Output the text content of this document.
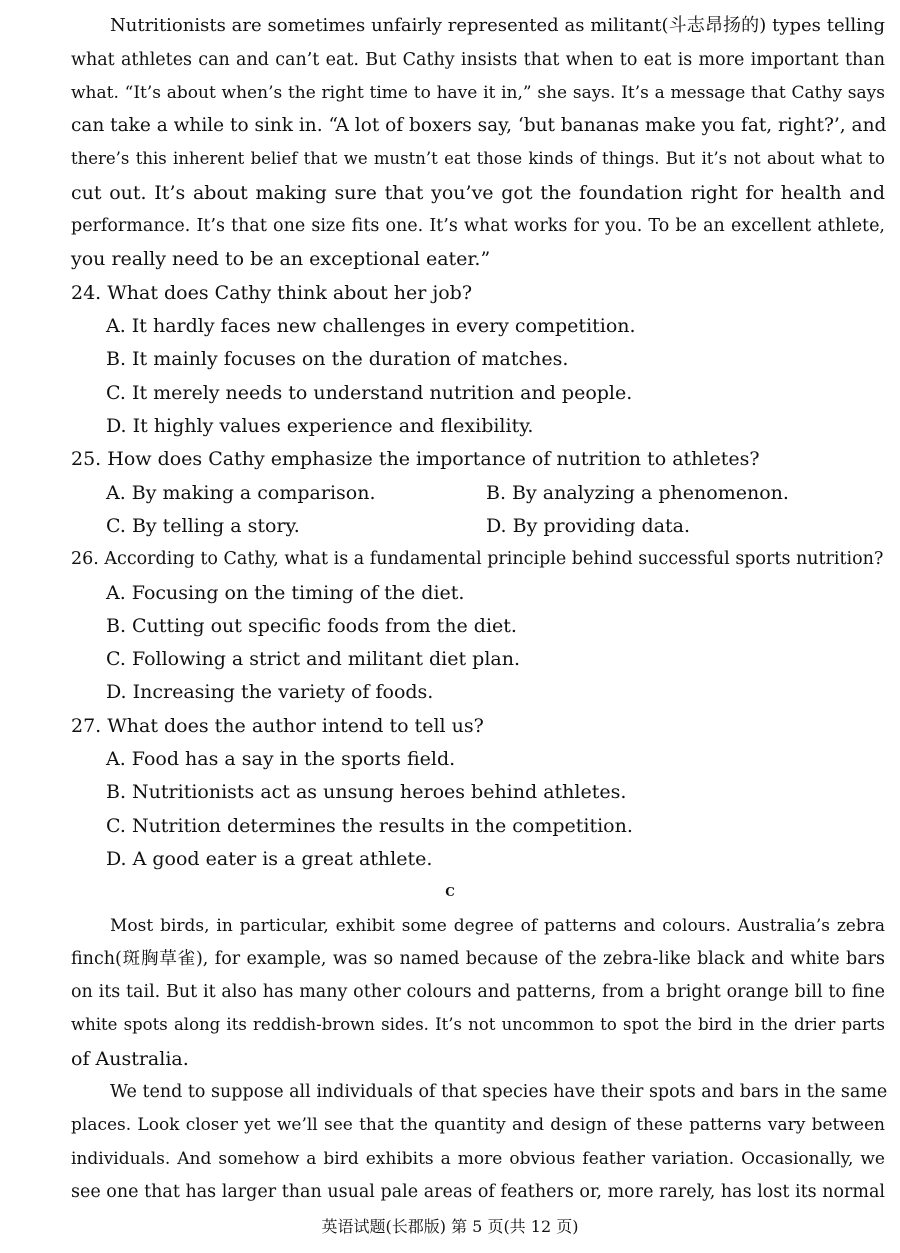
Nutritionists are sometimes unfairly represented as militant(斗志昂扬的) types telling
what athletes can and can’t eat. But Cathy insists that when to eat is more important than
what. “It’s about when’s the right time to have it in,” she says. It’s a message that Cathy says
can take a while to sink in. “A lot of boxers say, ‘but bananas make you fat, right?’, and
there’s this inherent belief that we mustn’t eat those kinds of things. But it’s not about what to
cut out. It’s about making sure that you’ve got the foundation right for health and
performance. It’s that one size fits one. It’s what works for you. To be an excellent athlete,
you really need to be an exceptional eater.”
24. What does Cathy think about her job?
A. It hardly faces new challenges in every competition.
B. It mainly focuses on the duration of matches.
C. It merely needs to understand nutrition and people.
D. It highly values experience and flexibility.
25. How does Cathy emphasize the importance of nutrition to athletes?
A. By making a comparison.	B. By analyzing a phenomenon.
C. By telling a story.	D. By providing data.
26. According to Cathy, what is a fundamental principle behind successful sports nutrition?
A. Focusing on the timing of the diet.
B. Cutting out specific foods from the diet.
C. Following a strict and militant diet plan.
D. Increasing the variety of foods.
27. What does the author intend to tell us?
A. Food has a say in the sports field.
B. Nutritionists act as unsung heroes behind athletes.
C. Nutrition determines the results in the competition.
D. A good eater is a great athlete.
C
Most birds, in particular, exhibit some degree of patterns and colours. Australia’s zebra
finch(斑胸草雀), for example, was so named because of the zebra-like black and white bars
on its tail. But it also has many other colours and patterns, from a bright orange bill to fine
white spots along its reddish-brown sides. It’s not uncommon to spot the bird in the drier parts
of Australia.
We tend to suppose all individuals of that species have their spots and bars in the same
places. Look closer yet we’ll see that the quantity and design of these patterns vary between
individuals. And somehow a bird exhibits a more obvious feather variation. Occasionally, we
see one that has larger than usual pale areas of feathers or, more rarely, has lost its normal
英语试题(长郡版) 第 5 页(共 12 页)
